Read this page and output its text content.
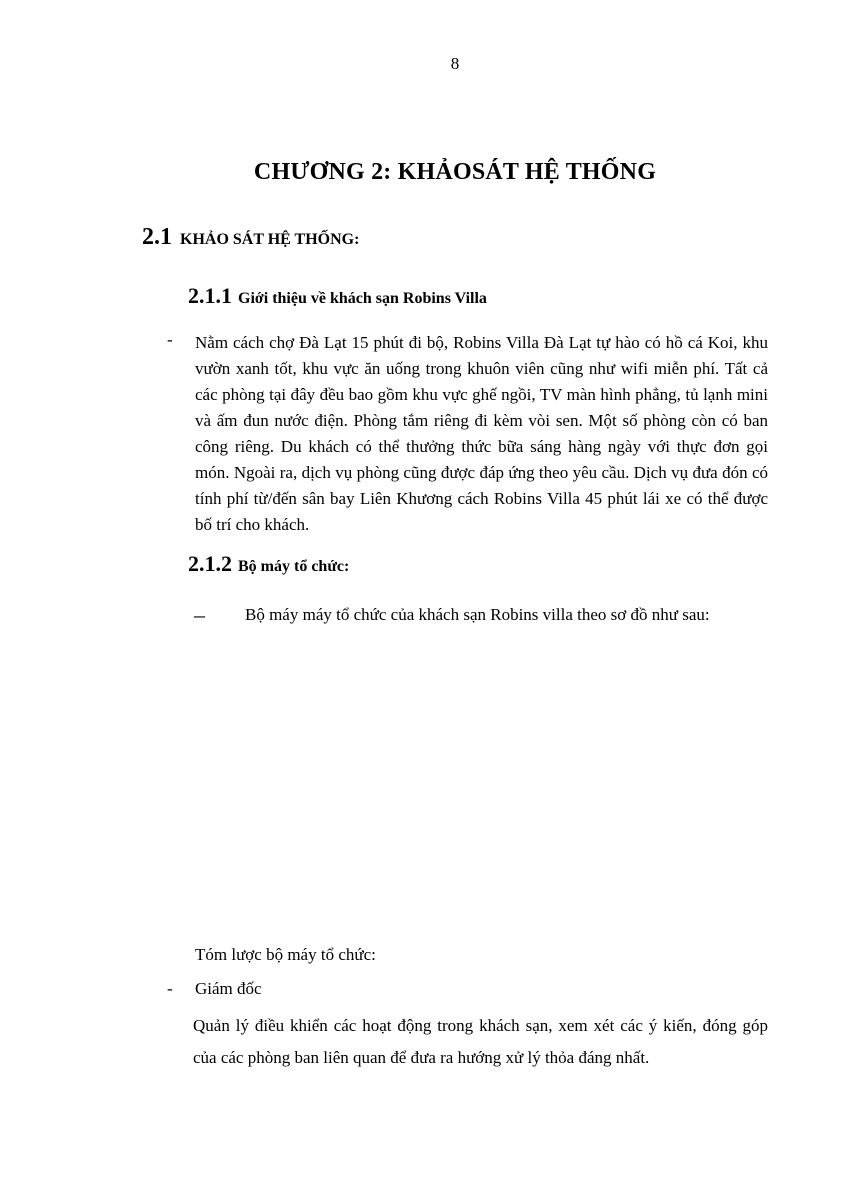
8
CHƯƠNG 2: KHẢOSÁT HỆ THỐNG
2.1 KHẢO SÁT HỆ THỐNG:
2.1.1 Giới thiệu về khách sạn Robins Villa
- Nằm cách chợ Đà Lạt 15 phút đi bộ, Robins Villa Đà Lạt tự hào có hồ cá Koi, khu vườn xanh tốt, khu vực ăn uống trong khuôn viên cũng như wifi miễn phí. Tất cả các phòng tại đây đều bao gồm khu vực ghế ngồi, TV màn hình phẳng, tủ lạnh mini và ấm đun nước điện. Phòng tắm riêng đi kèm vòi sen. Một số phòng còn có ban công riêng. Du khách có thể thưởng thức bữa sáng hàng ngày với thực đơn gọi món. Ngoài ra, dịch vụ phòng cũng được đáp ứng theo yêu cầu. Dịch vụ đưa đón có tính phí từ/đến sân bay Liên Khương cách Robins Villa 45 phút lái xe có thể được bố trí cho khách.
2.1.2 Bộ máy tổ chức:
– Bộ máy máy tổ chức của khách sạn Robins villa theo sơ đồ như sau:
Tóm lược bộ máy tổ chức:
- Giám đốc
Quản lý điều khiển các hoạt động trong khách sạn, xem xét các ý kiến, đóng góp của các phòng ban liên quan để đưa ra hướng xử lý thỏa đáng nhất.
